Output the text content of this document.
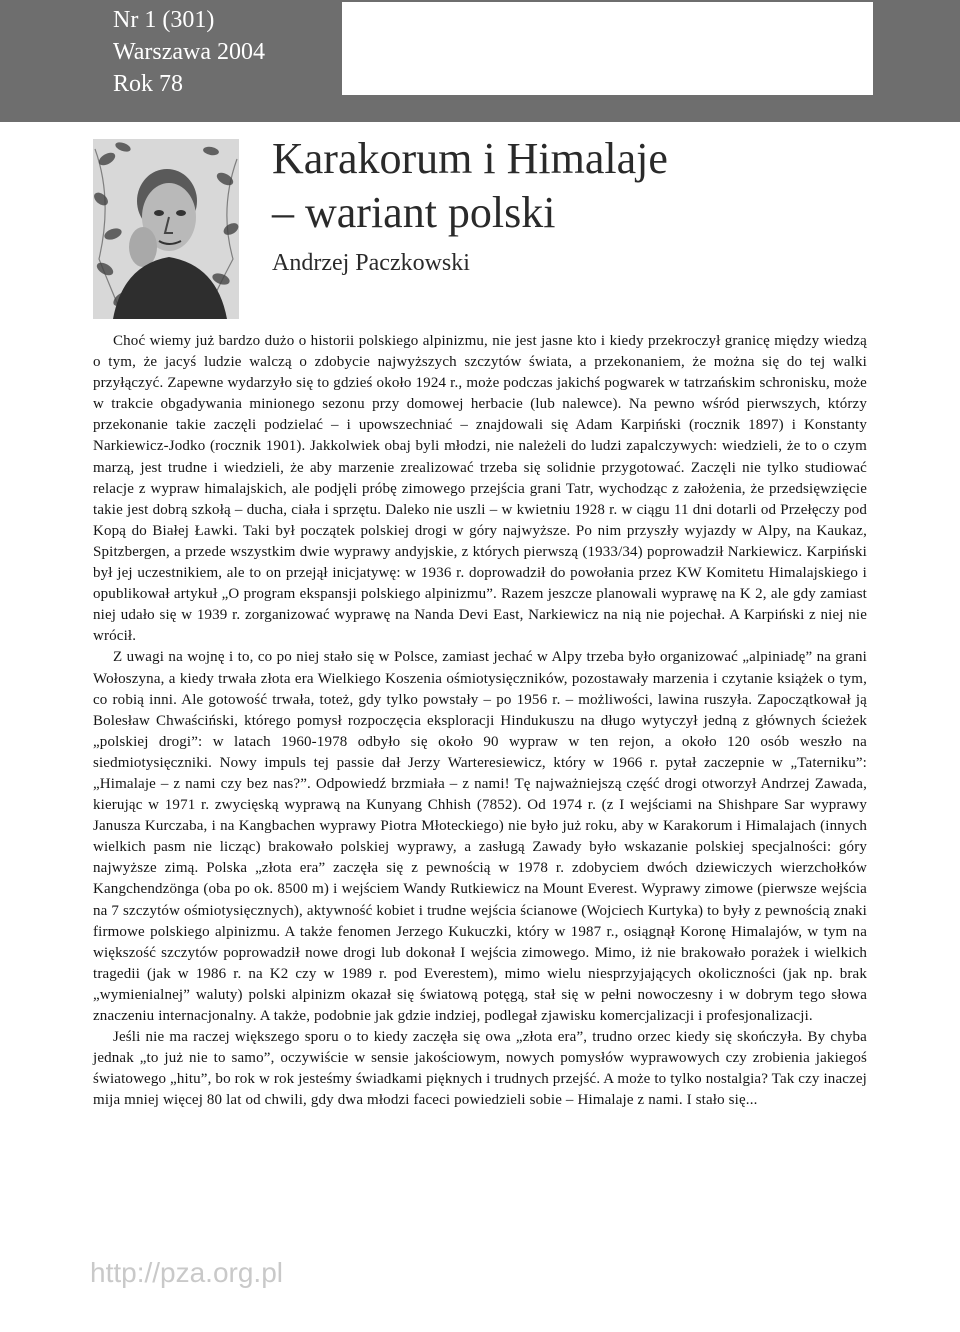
Nr 1 (301)
Warszawa 2004
Rok 78
Karakorum i Himalaje
– wariant polski
Andrzej Paczkowski

Choć wiemy już bardzo dużo o historii polskiego alpinizmu, nie jest jasne kto i kiedy przekroczył granicę między wiedzą o tym, że jacyś ludzie walczą o zdobycie najwyższych szczytów świata, a przekonaniem, że można się do tej walki przyłączyć. Zapewne wydarzyło się to gdzieś około 1924 r., może podczas jakichś pogwarek w tatrzańskim schronisku, może w trakcie obgadywania minionego sezonu przy domowej herbacie (lub nalewce). Na pewno wśród pierwszych, którzy przekonanie takie zaczęli podzielać – i upowszechniać – znajdowali się Adam Karpiński (rocznik 1897) i Konstanty Narkiewicz-Jodko (rocznik 1901). Jakkolwiek obaj byli młodzi, nie należeli do ludzi zapalczywych: wiedzieli, że to o czym marzą, jest trudne i wiedzieli, że aby marzenie zrealizować trzeba się solidnie przygotować. Zaczęli nie tylko studiować relacje z wypraw himalajskich, ale podjęli próbę zimowego przejścia grani Tatr, wychodząc z założenia, że przedsięwzięcie takie jest dobrą szkołą – ducha, ciała i sprzętu. Daleko nie uszli – w kwietniu 1928 r. w ciągu 11 dni dotarli od Przełęczy pod Kopą do Białej Ławki. Taki był początek polskiej drogi w góry najwyższe. Po nim przyszły wyjazdy w Alpy, na Kaukaz, Spitzbergen, a przede wszystkim dwie wyprawy andyjskie, z których pierwszą (1933/34) poprowadził Narkiewicz. Karpiński był jej uczestnikiem, ale to on przejął inicjatywę: w 1936 r. doprowadził do powołania przez KW Komitetu Himalajskiego i opublikował artykuł „O program ekspansji polskiego alpinizmu”. Razem jeszcze planowali wyprawę na K 2, ale gdy zamiast niej udało się w 1939 r. zorganizować wyprawę na Nanda Devi East, Narkiewicz na nią nie pojechał. A Karpiński z niej nie wrócił.

Z uwagi na wojnę i to, co po niej stało się w Polsce, zamiast jechać w Alpy trzeba było organizować „alpiniadę” na grani Wołoszyna, a kiedy trwała złota era Wielkiego Koszenia ośmiotysięczników, pozostawały marzenia i czytanie książek o tym, co robią inni. Ale gotowość trwała, toteż, gdy tylko powstały – po 1956 r. – możliwości, lawina ruszyła. Zapoczątkował ją Bolesław Chwaściński, którego pomysł rozpoczęcia eksploracji Hindukuszu na długo wytyczył jedną z głównych ścieżek „polskiej drogi”: w latach 1960-1978 odbyło się około 90 wypraw w ten rejon, a około 120 osób weszło na siedmiotysięczniki. Nowy impuls tej passie dał Jerzy Warteresiewicz, który w 1966 r. pytał zaczepnie w „Taterniku”: „Himalaje – z nami czy bez nas?”. Odpowiedź brzmiała – z nami! Tę najważniejszą część drogi otworzył Andrzej Zawada, kierując w 1971 r. zwycięską wyprawą na Kunyang Chhish (7852). Od 1974 r. (z I wejściami na Shishpare Sar wyprawy Janusza Kurczaba, i na Kangbachen wyprawy Piotra Młoteckiego) nie było już roku, aby w Karakorum i Himalajach (innych wielkich pasm nie licząc) brakowało polskiej wyprawy, a zasługą Zawady było wskazanie polskiej specjalności: góry najwyższe zimą. Polska „złota era” zaczęła się z pewnością w 1978 r. zdobyciem dwóch dziewiczych wierzchołków Kangchendzönga (oba po ok. 8500 m) i wejściem Wandy Rutkiewicz na Mount Everest. Wyprawy zimowe (pierwsze wejścia na 7 szczytów ośmiotysięcznych), aktywność kobiet i trudne wejścia ścianowe (Wojciech Kurtyka) to były z pewnością znaki firmowe polskiego alpinizmu. A także fenomen Jerzego Kukuczki, który w 1987 r., osiągnął Koronę Himalajów, w tym na większość szczytów poprowadził nowe drogi lub dokonał I wejścia zimowego. Mimo, iż nie brakowało porażek i wielkich tragedii (jak w 1986 r. na K2 czy w 1989 r. pod Everestem), mimo wielu niesprzyjających okoliczności (jak np. brak „wymienialnej” waluty) polski alpinizm okazał się światową potęgą, stał się w pełni nowoczesny i w dobrym tego słowa znaczeniu internacjonalny. A także, podobnie jak gdzie indziej, podlegał zjawisku komercjalizacji i profesjonalizacji.

Jeśli nie ma raczej większego sporu o to kiedy zaczęła się owa „złota era”, trudno orzec kiedy się skończyła. By chyba jednak „to już nie to samo”, oczywiście w sensie jakościowym, nowych pomysłów wyprawowych czy zrobienia jakiegoś światowego „hitu”, bo rok w rok jesteśmy świadkami pięknych i trudnych przejść. A może to tylko nostalgia? Tak czy inaczej mija mniej więcej 80 lat od chwili, gdy dwa młodzi faceci powiedzieli sobie – Himalaje z nami. I stało się...

http://pza.org.pl
